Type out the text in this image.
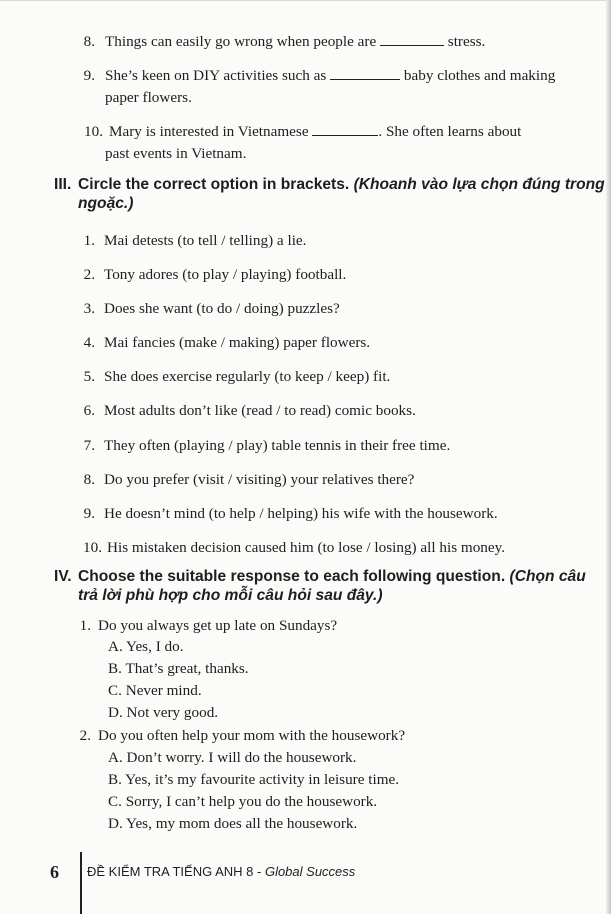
8. Things can easily go wrong when people are	stress.
9. She’s keen on DIY activities such as	baby clothes and making
paper flowers.
10. Mary is interested in Vietnamese	. She often learns about
past events in Vietnam.
III. Circle the correct option in brackets. (Khoanh vào lựa chọn đúng trong
ngoặc.)
1. Mai detests (to tell / telling) a lie.
2. Tony adores (to play / playing) football.
3. Does she want (to do / doing) puzzles?
4. Mai fancies (make / making) paper flowers.
5. She does exercise regularly (to keep / keep) fit.
6. Most adults don’t like (read / to read) comic books.
7. They often (playing / play) table tennis in their free time.
8. Do you prefer (visit / visiting) your relatives there?
9. He doesn’t mind (to help / helping) his wife with the housework.
10. His mistaken decision caused him (to lose / losing) all his money.
IV. Choose the suitable response to each following question. (Chọn câu
trả lời phù hợp cho mỗi câu hỏi sau đây.)
1. Do you always get up late on Sundays?
A. Yes, I do.
B. That’s great, thanks.
C. Never mind.
D. Not very good.
2. Do you often help your mom with the housework?
A. Don’t worry. I will do the housework.
B. Yes, it’s my favourite activity in leisure time.
C. Sorry, I can’t help you do the housework.
D. Yes, my mom does all the housework.
6 ĐỀ KIỂM TRA TIẾNG ANH 8 - Global Success
